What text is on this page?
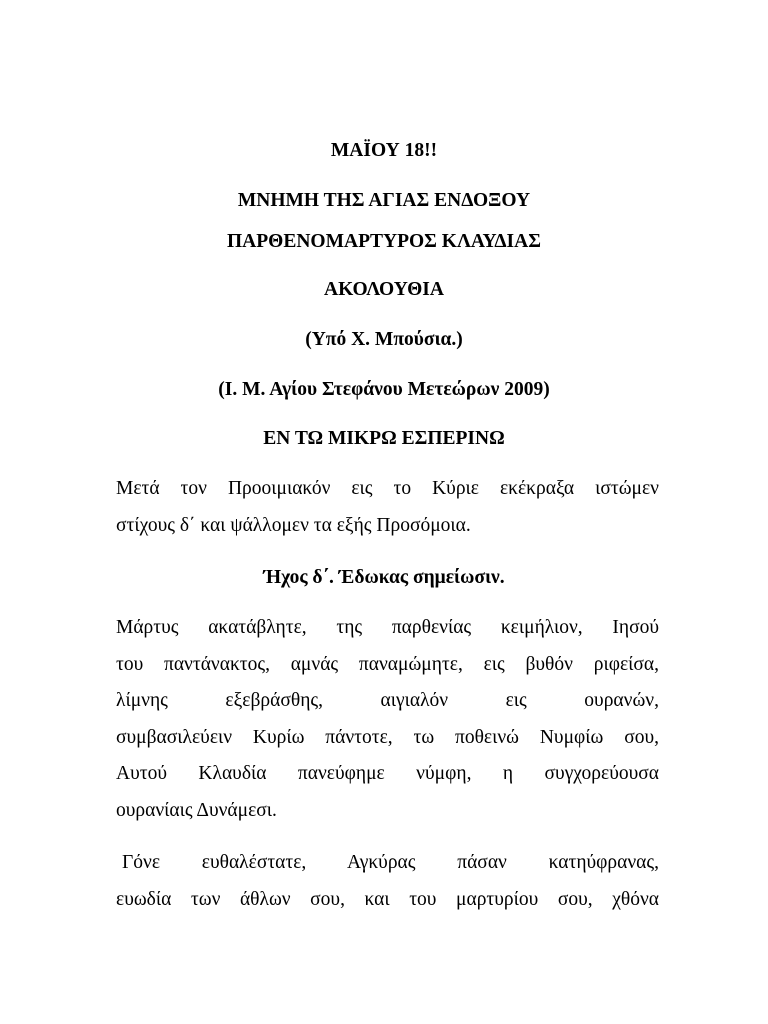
ΜΑΪΟΥ 18!!
ΜΝΗΜΗ ΤΗΣ ΑΓΙΑΣ ΕΝΔΟΞΟΥ
ΠΑΡΘΕΝΟΜΑΡΤΥΡΟΣ ΚΛΑΥΔΙΑΣ
ΑΚΟΛΟΥΘΙΑ
(Υπό Χ. Μπούσια.)
(Ι. Μ. Αγίου Στεφάνου Μετεώρων 2009)
ΕΝ ΤΩ ΜΙΚΡΩ ΕΣΠΕΡΙΝΩ
Μετά τον Προοιμιακόν εις το Κύριε εκέκραξα ιστώμεν
στίχους δ΄ και ψάλλομεν τα εξής Προσόμοια.
Ήχος δ΄. Έδωκας σημείωσιν.
Μάρτυς ακατάβλητε, της παρθενίας κειμήλιον, Ιησού
του παντάνακτος, αμνάς παναμώμητε, εις βυθόν ριφείσα,
λίμνης εξεβράσθης, αιγιαλόν εις ουρανών,
συμβασιλεύειν Κυρίω πάντοτε, τω ποθεινώ Νυμφίω σου,
Αυτού Κλαυδία πανεύφημε νύμφη, η συγχορεύουσα
ουρανίαις Δυνάμεσι.
Γόνε ευθαλέστατε, Αγκύρας πάσαν κατηύφρανας,
ευωδία των άθλων σου, και του μαρτυρίου σου, χθόνα
